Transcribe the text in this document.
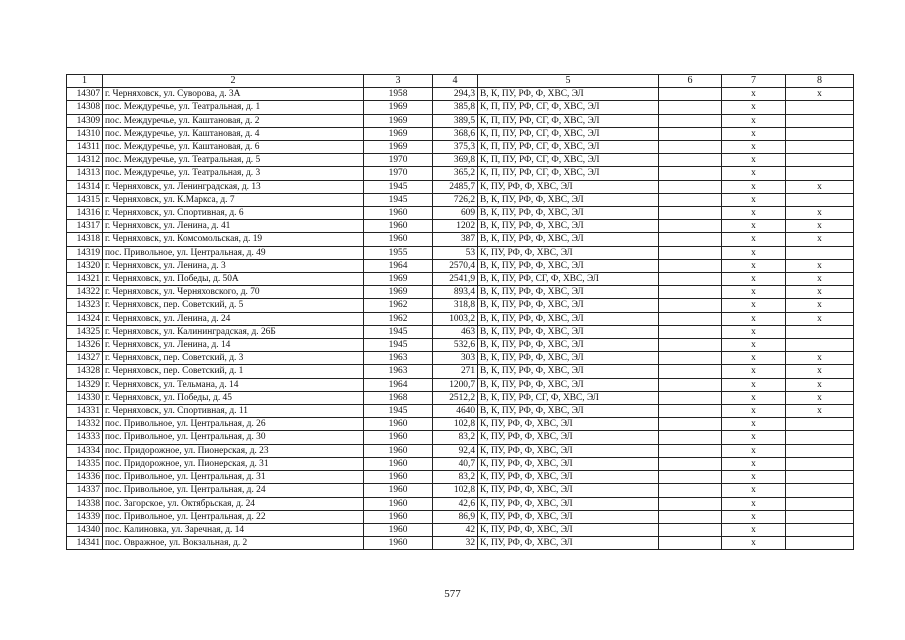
1	2	3	4	5	6	7	8
14307	г. Черняховск, ул. Суворова, д. 3А	1958	294,3	В, К, ПУ, РФ, Ф, ХВС, ЭЛ		x	x
14308	пос. Междуречье, ул. Театральная, д. 1	1969	385,8	К, П, ПУ, РФ, СГ, Ф, ХВС, ЭЛ		x	
14309	пос. Междуречье, ул. Каштановая, д. 2	1969	389,5	К, П, ПУ, РФ, СГ, Ф, ХВС, ЭЛ		x	
14310	пос. Междуречье, ул. Каштановая, д. 4	1969	368,6	К, П, ПУ, РФ, СГ, Ф, ХВС, ЭЛ		x	
14311	пос. Междуречье, ул. Каштановая, д. 6	1969	375,3	К, П, ПУ, РФ, СГ, Ф, ХВС, ЭЛ		x	
14312	пос. Междуречье, ул. Театральная, д. 5	1970	369,8	К, П, ПУ, РФ, СГ, Ф, ХВС, ЭЛ		x	
14313	пос. Междуречье, ул. Театральная, д. 3	1970	365,2	К, П, ПУ, РФ, СГ, Ф, ХВС, ЭЛ		x	
14314	г. Черняховск, ул. Ленинградская, д. 13	1945	2485,7	К, ПУ, РФ, Ф, ХВС, ЭЛ		x	x
14315	г. Черняховск, ул. К.Маркса, д. 7	1945	726,2	В, К, ПУ, РФ, Ф, ХВС, ЭЛ		x	
14316	г. Черняховск, ул. Спортивная, д. 6	1960	609	В, К, ПУ, РФ, Ф, ХВС, ЭЛ		x	x
14317	г. Черняховск, ул. Ленина, д. 41	1960	1202	В, К, ПУ, РФ, Ф, ХВС, ЭЛ		x	x
14318	г. Черняховск, ул. Комсомольская, д. 19	1960	387	В, К, ПУ, РФ, Ф, ХВС, ЭЛ		x	x
14319	пос. Привольное, ул. Центральная, д. 49	1955	53	К, ПУ, РФ, Ф, ХВС, ЭЛ		x	
14320	г. Черняховск, ул. Ленина, д. 3	1964	2570,4	В, К, ПУ, РФ, Ф, ХВС, ЭЛ		x	x
14321	г. Черняховск, ул. Победы, д. 50А	1969	2541,9	В, К, ПУ, РФ, СГ, Ф, ХВС, ЭЛ		x	x
14322	г. Черняховск, ул. Черняховского, д. 70	1969	893,4	В, К, ПУ, РФ, Ф, ХВС, ЭЛ		x	x
14323	г. Черняховск, пер. Советский, д. 5	1962	318,8	В, К, ПУ, РФ, Ф, ХВС, ЭЛ		x	x
14324	г. Черняховск, ул. Ленина, д. 24	1962	1003,2	В, К, ПУ, РФ, Ф, ХВС, ЭЛ		x	x
14325	г. Черняховск, ул. Калининградская, д. 26Б	1945	463	В, К, ПУ, РФ, Ф, ХВС, ЭЛ		x	
14326	г. Черняховск, ул. Ленина, д. 14	1945	532,6	В, К, ПУ, РФ, Ф, ХВС, ЭЛ		x	
14327	г. Черняховск, пер. Советский, д. 3	1963	303	В, К, ПУ, РФ, Ф, ХВС, ЭЛ		x	x
14328	г. Черняховск, пер. Советский, д. 1	1963	271	В, К, ПУ, РФ, Ф, ХВС, ЭЛ		x	x
14329	г. Черняховск, ул. Тельмана, д. 14	1964	1200,7	В, К, ПУ, РФ, Ф, ХВС, ЭЛ		x	x
14330	г. Черняховск, ул. Победы, д. 45	1968	2512,2	В, К, ПУ, РФ, СГ, Ф, ХВС, ЭЛ		x	x
14331	г. Черняховск, ул. Спортивная, д. 11	1945	4640	В, К, ПУ, РФ, Ф, ХВС, ЭЛ		x	x
14332	пос. Привольное, ул. Центральная, д. 26	1960	102,8	К, ПУ, РФ, Ф, ХВС, ЭЛ		x	
14333	пос. Привольное, ул. Центральная, д. 30	1960	83,2	К, ПУ, РФ, Ф, ХВС, ЭЛ		x	
14334	пос. Придорожное, ул. Пионерская, д. 23	1960	92,4	К, ПУ, РФ, Ф, ХВС, ЭЛ		x	
14335	пос. Придорожное, ул. Пионерская, д. 31	1960	40,7	К, ПУ, РФ, Ф, ХВС, ЭЛ		x	
14336	пос. Привольное, ул. Центральная, д. 31	1960	83,2	К, ПУ, РФ, Ф, ХВС, ЭЛ		x	
14337	пос. Привольное, ул. Центральная, д. 24	1960	102,8	К, ПУ, РФ, Ф, ХВС, ЭЛ		x	
14338	пос. Загорское, ул. Октябрьская, д. 24	1960	42,6	К, ПУ, РФ, Ф, ХВС, ЭЛ		x	
14339	пос. Привольное, ул. Центральная, д. 22	1960	86,9	К, ПУ, РФ, Ф, ХВС, ЭЛ		x	
14340	пос. Калиновка, ул. Заречная, д. 14	1960	42	К, ПУ, РФ, Ф, ХВС, ЭЛ		x	
14341	пос. Овражное, ул. Вокзальная, д. 2	1960	32	К, ПУ, РФ, Ф, ХВС, ЭЛ		x	
577
